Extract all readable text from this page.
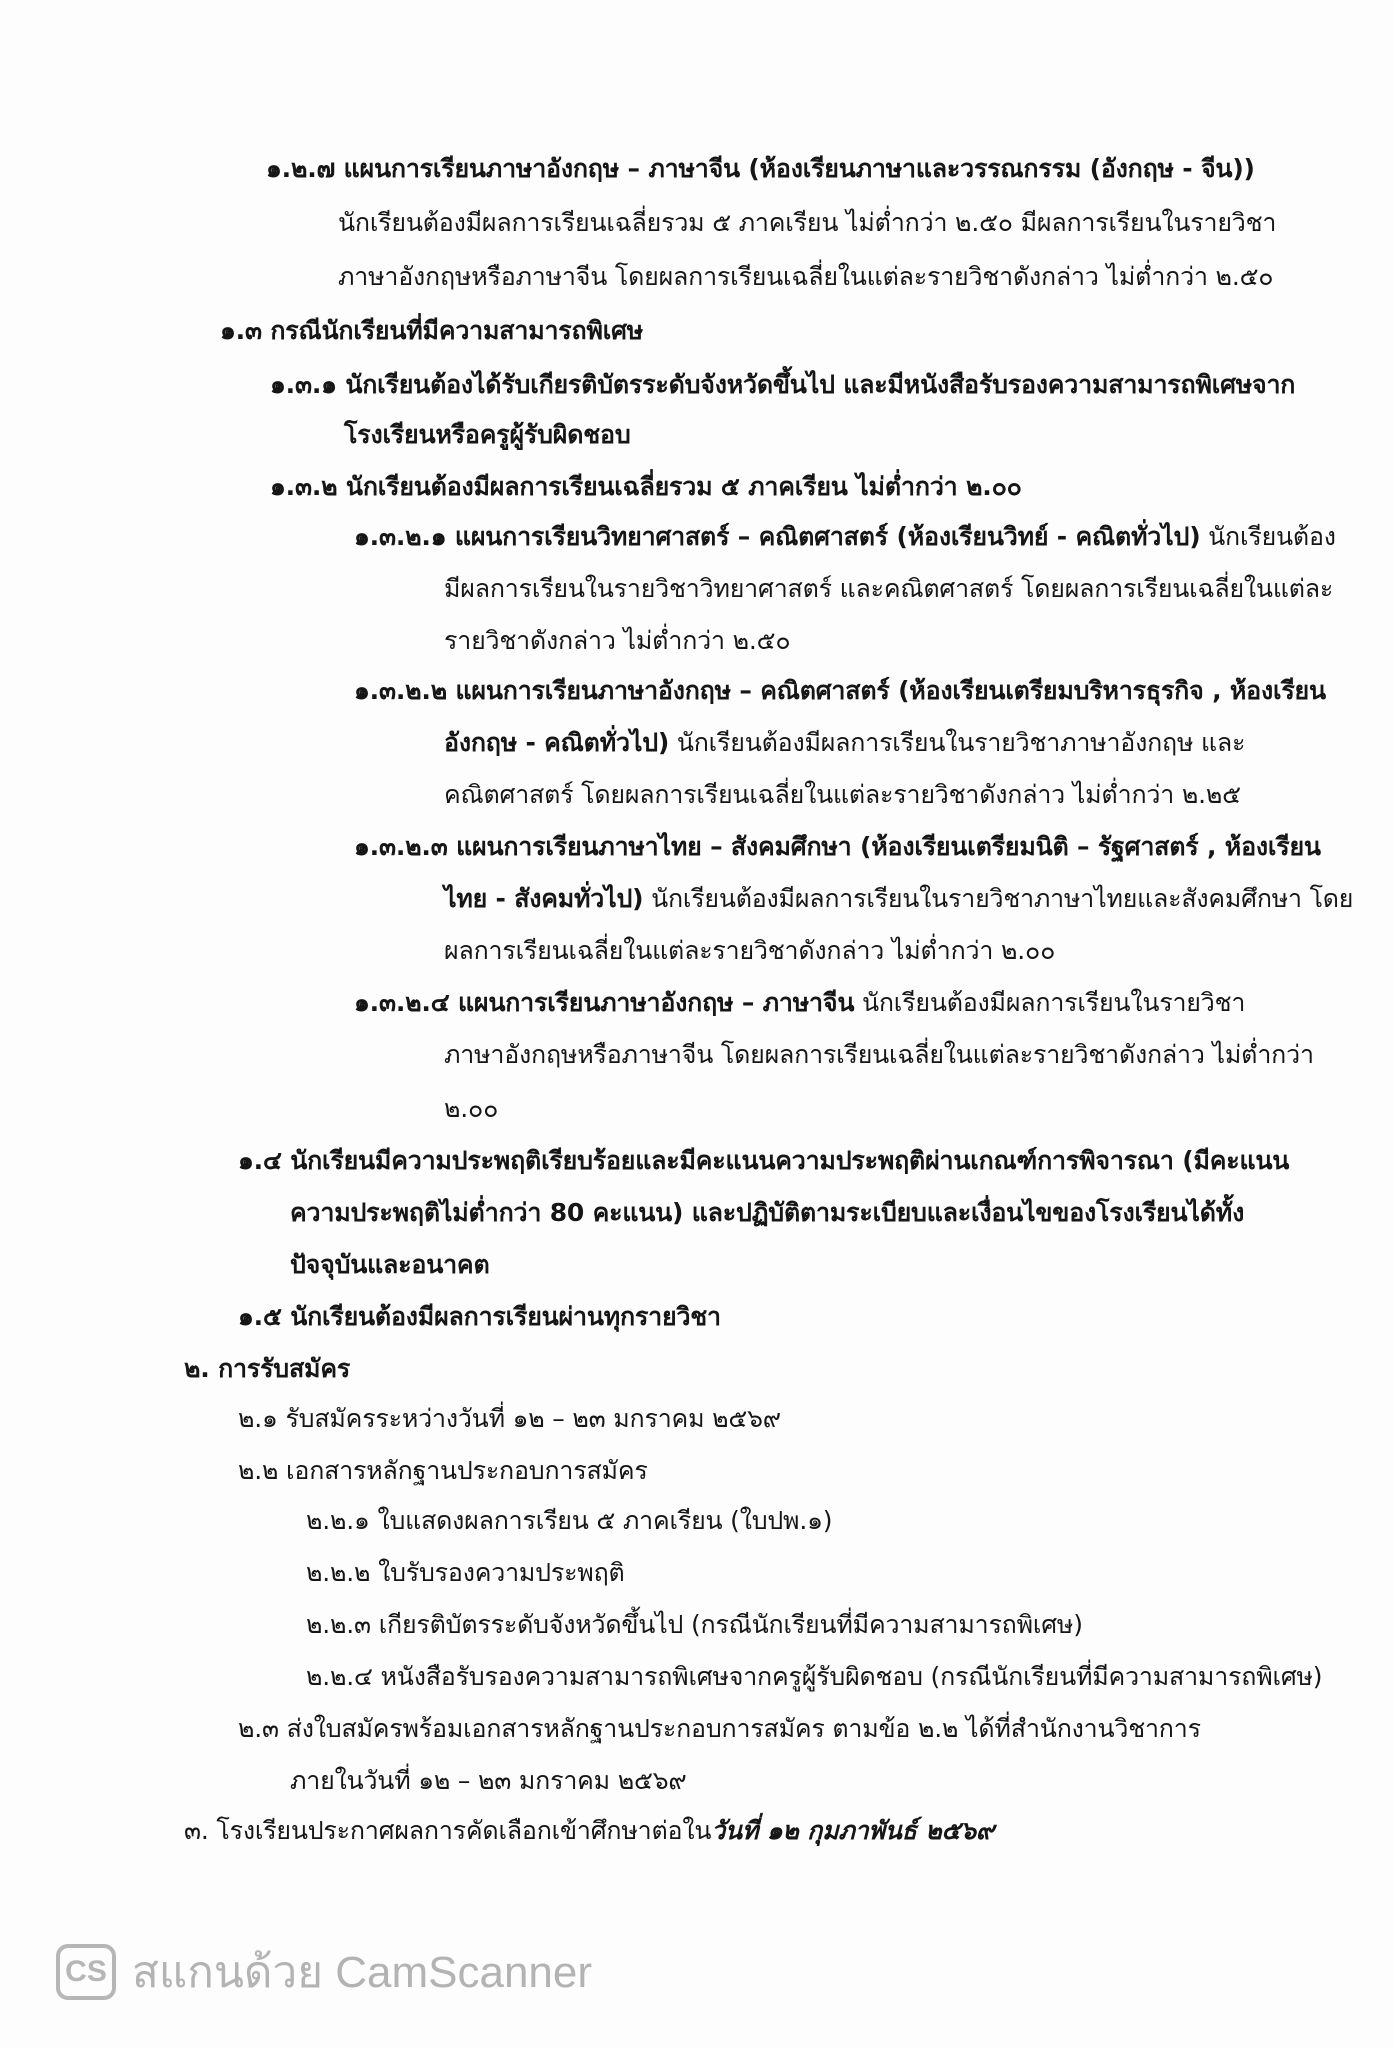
๑.๒.๗ แผนการเรียนภาษาอังกฤษ – ภาษาจีน (ห้องเรียนภาษาและวรรณกรรม (อังกฤษ - จีน))
นักเรียนต้องมีผลการเรียนเฉลี่ยรวม ๕ ภาคเรียน ไม่ต่ำกว่า ๒.๕๐ มีผลการเรียนในรายวิชา
ภาษาอังกฤษหรือภาษาจีน โดยผลการเรียนเฉลี่ยในแต่ละรายวิชาดังกล่าว ไม่ต่ำกว่า ๒.๕๐
๑.๓ กรณีนักเรียนที่มีความสามารถพิเศษ
๑.๓.๑ นักเรียนต้องได้รับเกียรติบัตรระดับจังหวัดขึ้นไป และมีหนังสือรับรองความสามารถพิเศษจาก
โรงเรียนหรือครูผู้รับผิดชอบ
๑.๓.๒ นักเรียนต้องมีผลการเรียนเฉลี่ยรวม ๕ ภาคเรียน ไม่ต่ำกว่า ๒.๐๐
๑.๓.๒.๑ แผนการเรียนวิทยาศาสตร์ – คณิตศาสตร์ (ห้องเรียนวิทย์ - คณิตทั่วไป) นักเรียนต้อง
มีผลการเรียนในรายวิชาวิทยาศาสตร์ และคณิตศาสตร์ โดยผลการเรียนเฉลี่ยในแต่ละ
รายวิชาดังกล่าว ไม่ต่ำกว่า ๒.๕๐
๑.๓.๒.๒ แผนการเรียนภาษาอังกฤษ – คณิตศาสตร์ (ห้องเรียนเตรียมบริหารธุรกิจ , ห้องเรียน
อังกฤษ - คณิตทั่วไป) นักเรียนต้องมีผลการเรียนในรายวิชาภาษาอังกฤษ และ
คณิตศาสตร์ โดยผลการเรียนเฉลี่ยในแต่ละรายวิชาดังกล่าว ไม่ต่ำกว่า ๒.๒๕
๑.๓.๒.๓ แผนการเรียนภาษาไทย – สังคมศึกษา (ห้องเรียนเตรียมนิติ – รัฐศาสตร์ , ห้องเรียน
ไทย - สังคมทั่วไป) นักเรียนต้องมีผลการเรียนในรายวิชาภาษาไทยและสังคมศึกษา โดย
ผลการเรียนเฉลี่ยในแต่ละรายวิชาดังกล่าว ไม่ต่ำกว่า ๒.๐๐
๑.๓.๒.๔ แผนการเรียนภาษาอังกฤษ – ภาษาจีน นักเรียนต้องมีผลการเรียนในรายวิชา
ภาษาอังกฤษหรือภาษาจีน โดยผลการเรียนเฉลี่ยในแต่ละรายวิชาดังกล่าว ไม่ต่ำกว่า
๒.๐๐
๑.๔ นักเรียนมีความประพฤติเรียบร้อยและมีคะแนนความประพฤติผ่านเกณฑ์การพิจารณา (มีคะแนน
ความประพฤติไม่ต่ำกว่า 80 คะแนน) และปฏิบัติตามระเบียบและเงื่อนไขของโรงเรียนได้ทั้ง
ปัจจุบันและอนาคต
๑.๕ นักเรียนต้องมีผลการเรียนผ่านทุกรายวิชา
๒. การรับสมัคร
๒.๑ รับสมัครระหว่างวันที่ ๑๒ – ๒๓ มกราคม ๒๕๖๙
๒.๒ เอกสารหลักฐานประกอบการสมัคร
๒.๒.๑ ใบแสดงผลการเรียน ๕ ภาคเรียน (ใบปพ.๑)
๒.๒.๒ ใบรับรองความประพฤติ
๒.๒.๓ เกียรติบัตรระดับจังหวัดขึ้นไป (กรณีนักเรียนที่มีความสามารถพิเศษ)
๒.๒.๔ หนังสือรับรองความสามารถพิเศษจากครูผู้รับผิดชอบ (กรณีนักเรียนที่มีความสามารถพิเศษ)
๒.๓ ส่งใบสมัครพร้อมเอกสารหลักฐานประกอบการสมัคร ตามข้อ ๒.๒ ได้ที่สำนักงานวิชาการ
ภายในวันที่ ๑๒ – ๒๓ มกราคม ๒๕๖๙
๓. โรงเรียนประกาศผลการคัดเลือกเข้าศึกษาต่อในวันที่ ๑๒ กุมภาพันธ์ ๒๕๖๙
CS สแกนด้วย CamScanner
